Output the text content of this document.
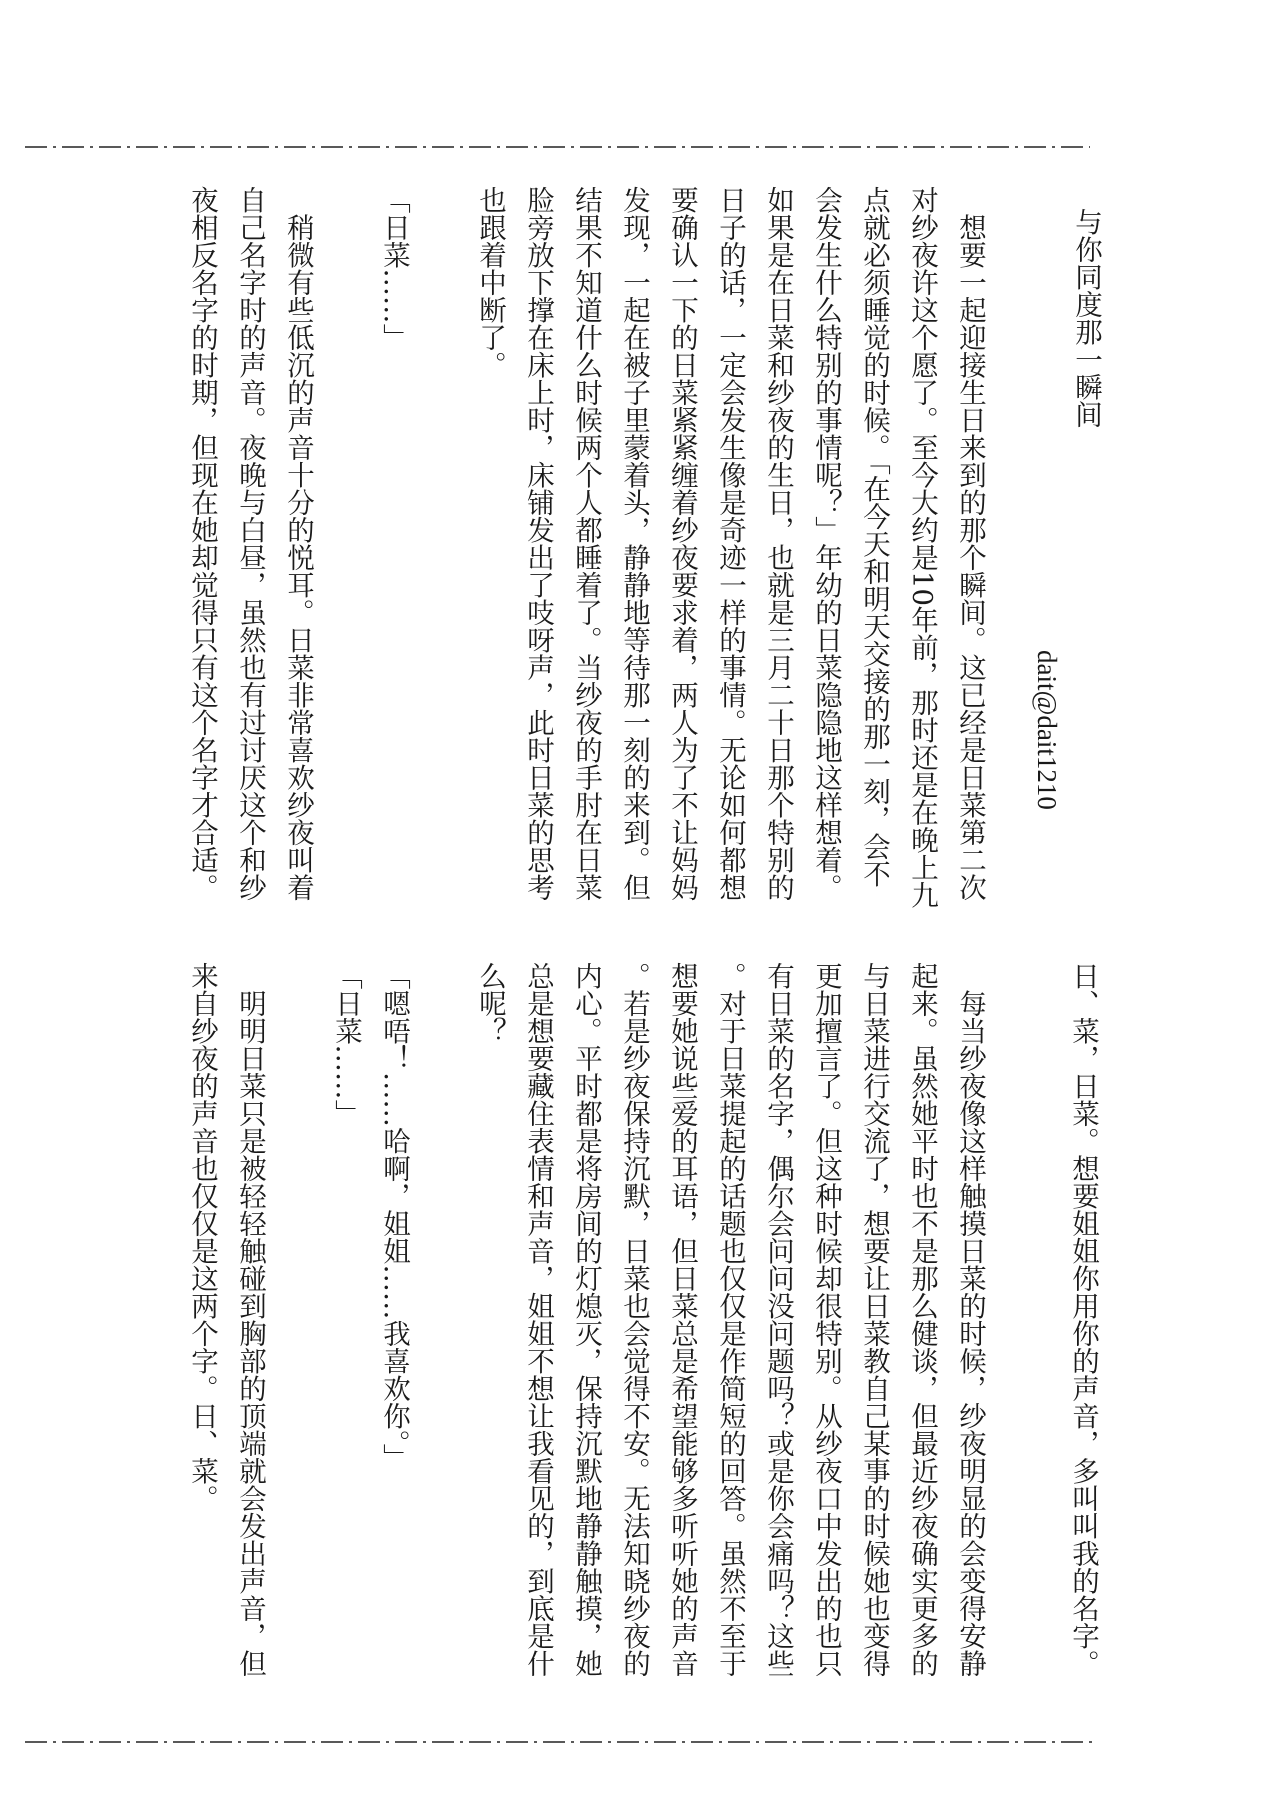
与你同度那一瞬间
dait@dait1210
　想要一起迎接生日来到的那个瞬间。这已经是日菜第二次
对纱夜许这个愿了。至今大约是10年前，那时还是在晚上九
点就必须睡觉的时候。「在今天和明天交接的那一刻，会不
会发生什么特别的事情呢？」年幼的日菜隐隐地这样想着。
如果是在日菜和纱夜的生日，也就是三月二十日那个特别的
日子的话，一定会发生像是奇迹一样的事情。无论如何都想
要确认一下的日菜紧紧缠着纱夜要求着，两人为了不让妈妈
发现，一起在被子里蒙着头，静静地等待那一刻的来到。但
结果不知道什么时候两个人都睡着了。当纱夜的手肘在日菜
脸旁放下撑在床上时，床铺发出了吱呀声，此时日菜的思考
也跟着中断了。
「日菜……」
　稍微有些低沉的声音十分的悦耳。日菜非常喜欢纱夜叫着
自己名字时的声音。夜晚与白昼，虽然也有过讨厌这个和纱
夜相反名字的时期，但现在她却觉得只有这个名字才合适。
日、菜，日菜。想要姐姐你用你的声音，多叫叫我的名字。
　每当纱夜像这样触摸日菜的时候，纱夜明显的会变得安静
起来。虽然她平时也不是那么健谈，但最近纱夜确实更多的
与日菜进行交流了，想要让日菜教自己某事的时候她也变得
更加擅言了。但这种时候却很特别。从纱夜口中发出的也只
有日菜的名字，偶尔会问问没问题吗？或是你会痛吗？这些
。对于日菜提起的话题也仅仅是作简短的回答。虽然不至于
想要她说些爱的耳语，但日菜总是希望能够多听听她的声音
。若是纱夜保持沉默，日菜也会觉得不安。无法知晓纱夜的
内心。平时都是将房间的灯熄灭，保持沉默地静静触摸，她
总是想要藏住表情和声音，姐姐不想让我看见的，到底是什
么呢？
「嗯唔！……哈啊，姐姐……我喜欢你。」
「日菜……」
　明明日菜只是被轻轻触碰到胸部的顶端就会发出声音，但
来自纱夜的声音也仅仅是这两个字。日、菜。
